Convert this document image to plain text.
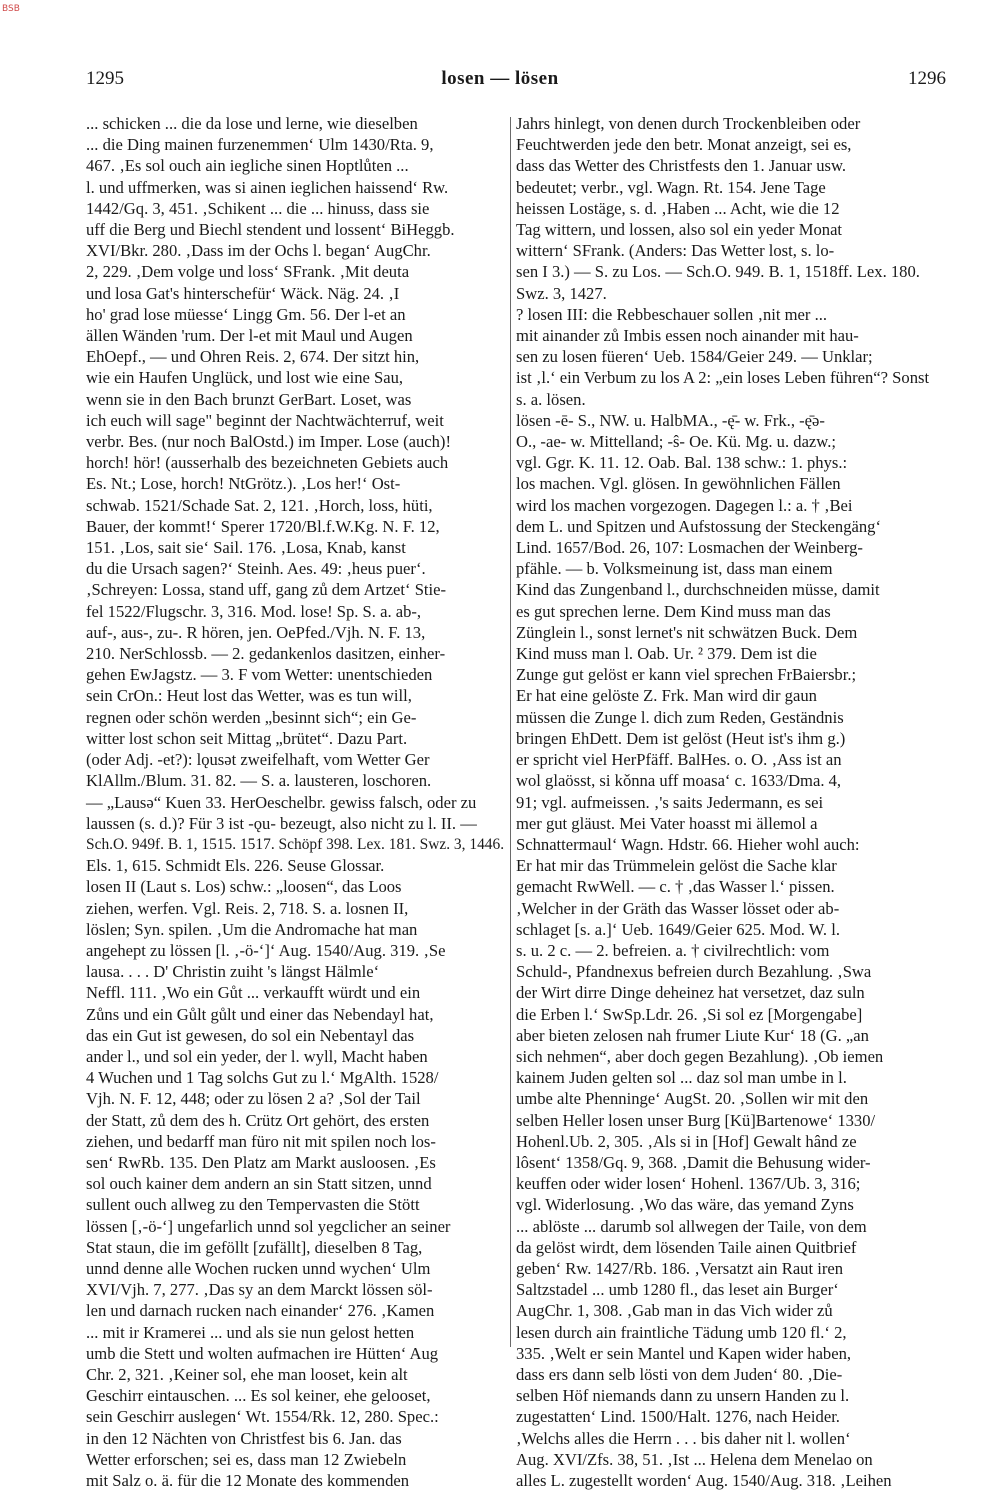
BSB
1295	losen — lösen	1296
... schicken ... die da lose und lerne, wie dieselben
... die Ding mainen furzenemmen‘ Ulm 1430/Rta. 9,
467. ‚Es sol ouch ain iegliche sinen Hoptlůten ...
l. und uffmerken, was si ainen ieglichen haissend‘ Rw.
1442/Gq. 3, 451. ‚Schikent ... die ... hinuss, dass sie
uff die Berg und Biechl stendent und lossent‘ BiHeggb.
XVI/Bkr. 280. ‚Dass im der Ochs l. began‘ AugChr.
2, 229. ‚Dem volge und loss‘ SFrank. ‚Mit deuta
und losa Gat's hinterschefür‘ Wäck. Näg. 24. ‚I
ho' grad lose müesse‘ Lingg Gm. 56. Der l-et an
ällen Wänden 'rum. Der l-et mit Maul und Augen
EhOepf., — und Ohren Reis. 2, 674. Der sitzt hin,
wie ein Haufen Unglück, und lost wie eine Sau,
wenn sie in den Bach brunzt GerBart. Loset, was
ich euch will sage" beginnt der Nachtwächterruf, weit
verbr. Bes. (nur noch BalOstd.) im Imper. Lose (auch)!
horch! hör! (ausserhalb des bezeichneten Gebiets auch
Es. Nt.; Lose, horch! NtGrötz.). ‚Los her!‘ Ost-
schwab. 1521/Schade Sat. 2, 121. ‚Horch, loss, hüti,
Bauer, der kommt!‘ Sperer 1720/Bl.f.W.Kg. N. F. 12,
151. ‚Los, sait sie‘ Sail. 176. ‚Losa, Knab, kanst
du die Ursach sagen?‘ Steinh. Aes. 49: ‚heus puer‘.
‚Schreyen: Lossa, stand uff, gang zů dem Artzet‘ Stie-
fel 1522/Flugschr. 3, 316. Mod. lose! Sp. S. a. ab-,
auf-, aus-, zu-. R hören, jen. OePfed./Vjh. N. F. 13,
210. NerSchlossb. — 2. gedankenlos dasitzen, einher-
gehen EwJagstz. — 3. F vom Wetter: unentschieden
sein CrOn.: Heut lost das Wetter, was es tun will,
regnen oder schön werden „besinnt sich“; ein Ge-
witter lost schon seit Mittag „brütet“. Dazu Part.
(oder Adj. -et?): lǫusət zweifelhaft, vom Wetter Ger
KlAllm./Blum. 31. 82. — S. a. lausteren, loschoren.
— „Lausə“ Kuen 33. HerOeschelbr. gewiss falsch, oder zu
laussen (s. d.)? Für 3 ist -ǫu- bezeugt, also nicht zu l. II. —
Sch.O. 949f. B. 1, 1515. 1517. Schöpf 398. Lex. 181. Swz. 3, 1446.
Els. 1, 615. Schmidt Els. 226. Seuse Glossar.
losen II (Laut s. Los) schw.: „loosen“, das Loos
ziehen, werfen. Vgl. Reis. 2, 718. S. a. losnen II,
löslen; Syn. spilen. ‚Um die Andromache hat man
angehept zu lössen [l. ‚-ö-‘]‘ Aug. 1540/Aug. 319. ‚Se
lausa. . . . D' Christin zuiht 's längst Hälmle‘
Neffl. 111. ‚Wo ein Gůt ... verkaufft würdt und ein
Zůns und ein Gůlt gůlt und einer das Nebendayl hat,
das ein Gut ist gewesen, do sol ein Nebentayl das
ander l., und sol ein yeder, der l. wyll, Macht haben
4 Wuchen und 1 Tag solchs Gut zu l.‘ MgAlth. 1528/
Vjh. N. F. 12, 448; oder zu lösen 2 a? ‚Sol der Tail
der Statt, zů dem des h. Crütz Ort gehört, des ersten
ziehen, und bedarff man füro nit mit spilen noch los-
sen‘ RwRb. 135. Den Platz am Markt ausloosen. ‚Es
sol ouch kainer dem andern an sin Statt sitzen, unnd
sullent ouch allweg zu den Tempervasten die Stött
lössen [‚-ö-‘] ungefarlich unnd sol yegclicher an seiner
Stat staun, die im geföllt [zufällt], dieselben 8 Tag,
unnd denne alle Wochen rucken unnd wychen‘ Ulm
XVI/Vjh. 7, 277. ‚Das sy an dem Marckt lössen söl-
len und darnach rucken nach einander‘ 276. ‚Kamen
... mit ir Kramerei ... und als sie nun gelost hetten
umb die Stett und wolten aufmachen ire Hütten‘ Aug
Chr. 2, 321. ‚Keiner sol, ehe man looset, kein alt
Geschirr eintauschen. ... Es sol keiner, ehe gelooset,
sein Geschirr auslegen‘ Wt. 1554/Rk. 12, 280. Spec.:
in den 12 Nächten von Christfest bis 6. Jan. das
Wetter erforschen; sei es, dass man 12 Zwiebeln
mit Salz o. ä. für die 12 Monate des kommenden
Jahrs hinlegt, von denen durch Trockenbleiben oder
Feuchtwerden jede den betr. Monat anzeigt, sei es,
dass das Wetter des Christfests den 1. Januar usw.
bedeutet; verbr., vgl. Wagn. Rt. 154. Jene Tage
heissen Lostäge, s. d. ‚Haben ... Acht, wie die 12
Tag wittern, und lossen, also sol ein yeder Monat
wittern‘ SFrank. (Anders: Das Wetter lost, s. lo-
sen I 3.) — S. zu Los. — Sch.O. 949. B. 1, 1518ff. Lex. 180.
Swz. 3, 1427.
? losen III: die Rebbeschauer sollen ‚nit mer ...
mit ainander zů Imbis essen noch ainander mit hau-
sen zu losen füeren‘ Ueb. 1584/Geier 249. — Unklar;
ist ‚l.‘ ein Verbum zu los A 2: „ein loses Leben führen“? Sonst
s. a. lösen.
lösen -ē- S., NW. u. HalbMA., -ę̄- w. Frk., -ę̄ə-
O., -ae- w. Mittelland; -ŝ- Oe. Kü. Mg. u. dazw.;
vgl. Ggr. K. 11. 12. Oab. Bal. 138 schw.: 1. phys.:
los machen. Vgl. glösen. In gewöhnlichen Fällen
wird los machen vorgezogen. Dagegen l.: a. † ‚Bei
dem L. und Spitzen und Aufstossung der Steckengäng‘
Lind. 1657/Bod. 26, 107: Losmachen der Weinberg-
pfähle. — b. Volksmeinung ist, dass man einem
Kind das Zungenband l., durchschneiden müsse, damit
es gut sprechen lerne. Dem Kind muss man das
Zünglein l., sonst lernet's nit schwätzen Buck. Dem
Kind muss man l. Oab. Ur. ² 379. Dem ist die
Zunge gut gelöst er kann viel sprechen FrBaiersbr.;
Er hat eine gelöste Z. Frk. Man wird dir gaun
müssen die Zunge l. dich zum Reden, Geständnis
bringen EhDett. Dem ist gelöst (Heut ist's ihm g.)
er spricht viel HerPfäff. BalHes. o. O. ‚Ass ist an
wol glaösst, si kǒnna uff moasa‘ c. 1633/Dma. 4,
91; vgl. aufmeissen. ‚'s saits Jedermann, es sei
mer gut gläust. Mei Vater hoasst mi ällemol a
Schnattermaul‘ Wagn. Hdstr. 66. Hieher wohl auch:
Er hat mir das Trümmelein gelöst die Sache klar
gemacht RwWell. — c. † ‚das Wasser l.‘ pissen.
‚Welcher in der Gräth das Wasser lösset oder ab-
schlaget [s. a.]‘ Ueb. 1649/Geier 625. Mod. W. l.
s. u. 2 c. — 2. befreien. a. † civilrechtlich: vom
Schuld-, Pfandnexus befreien durch Bezahlung. ‚Swa
der Wirt dirre Dinge deheinez hat versetzet, daz suln
die Erben l.‘ SwSp.Ldr. 26. ‚Si sol ez [Morgengabe]
aber bieten zelosen nah frumer Liute Kur‘ 18 (G. „an
sich nehmen“, aber doch gegen Bezahlung). ‚Ob iemen
kainem Juden gelten sol ... daz sol man umbe in l.
umbe alte Phenninge‘ AugSt. 20. ‚Sollen wir mit den
selben Heller losen unser Burg [Kü]Bartenowe‘ 1330/
Hohenl.Ub. 2, 305. ‚Als si in [Hof] Gewalt hând ze
lôsent‘ 1358/Gq. 9, 368. ‚Damit die Behusung wider-
keuffen oder wider losen‘ Hohenl. 1367/Ub. 3, 316;
vgl. Widerlosung. ‚Wo das wäre, das yemand Zyns
... ablöste ... darumb sol allwegen der Taile, von dem
da gelöst wirdt, dem lösenden Taile ainen Quitbrief
geben‘ Rw. 1427/Rb. 186. ‚Versatzt ain Raut iren
Saltzstadel ... umb 1280 fl., das leset ain Burger‘
AugChr. 1, 308. ‚Gab man in das Vich wider zů
lesen durch ain fraintliche Tädung umb 120 fl.‘ 2,
335. ‚Welt er sein Mantel und Kapen wider haben,
dass ers dann selb lösti von dem Juden‘ 80. ‚Die-
selben Höf niemands dann zu unsern Handen zu l.
zugestatten‘ Lind. 1500/Halt. 1276, nach Heider.
‚Welchs alles die Herrn . . . bis daher nit l. wollen‘
Aug. XVI/Zfs. 38, 51. ‚Ist ... Helena dem Menelao on
alles L. zugestellt worden‘ Aug. 1540/Aug. 318. ‚Leihen
